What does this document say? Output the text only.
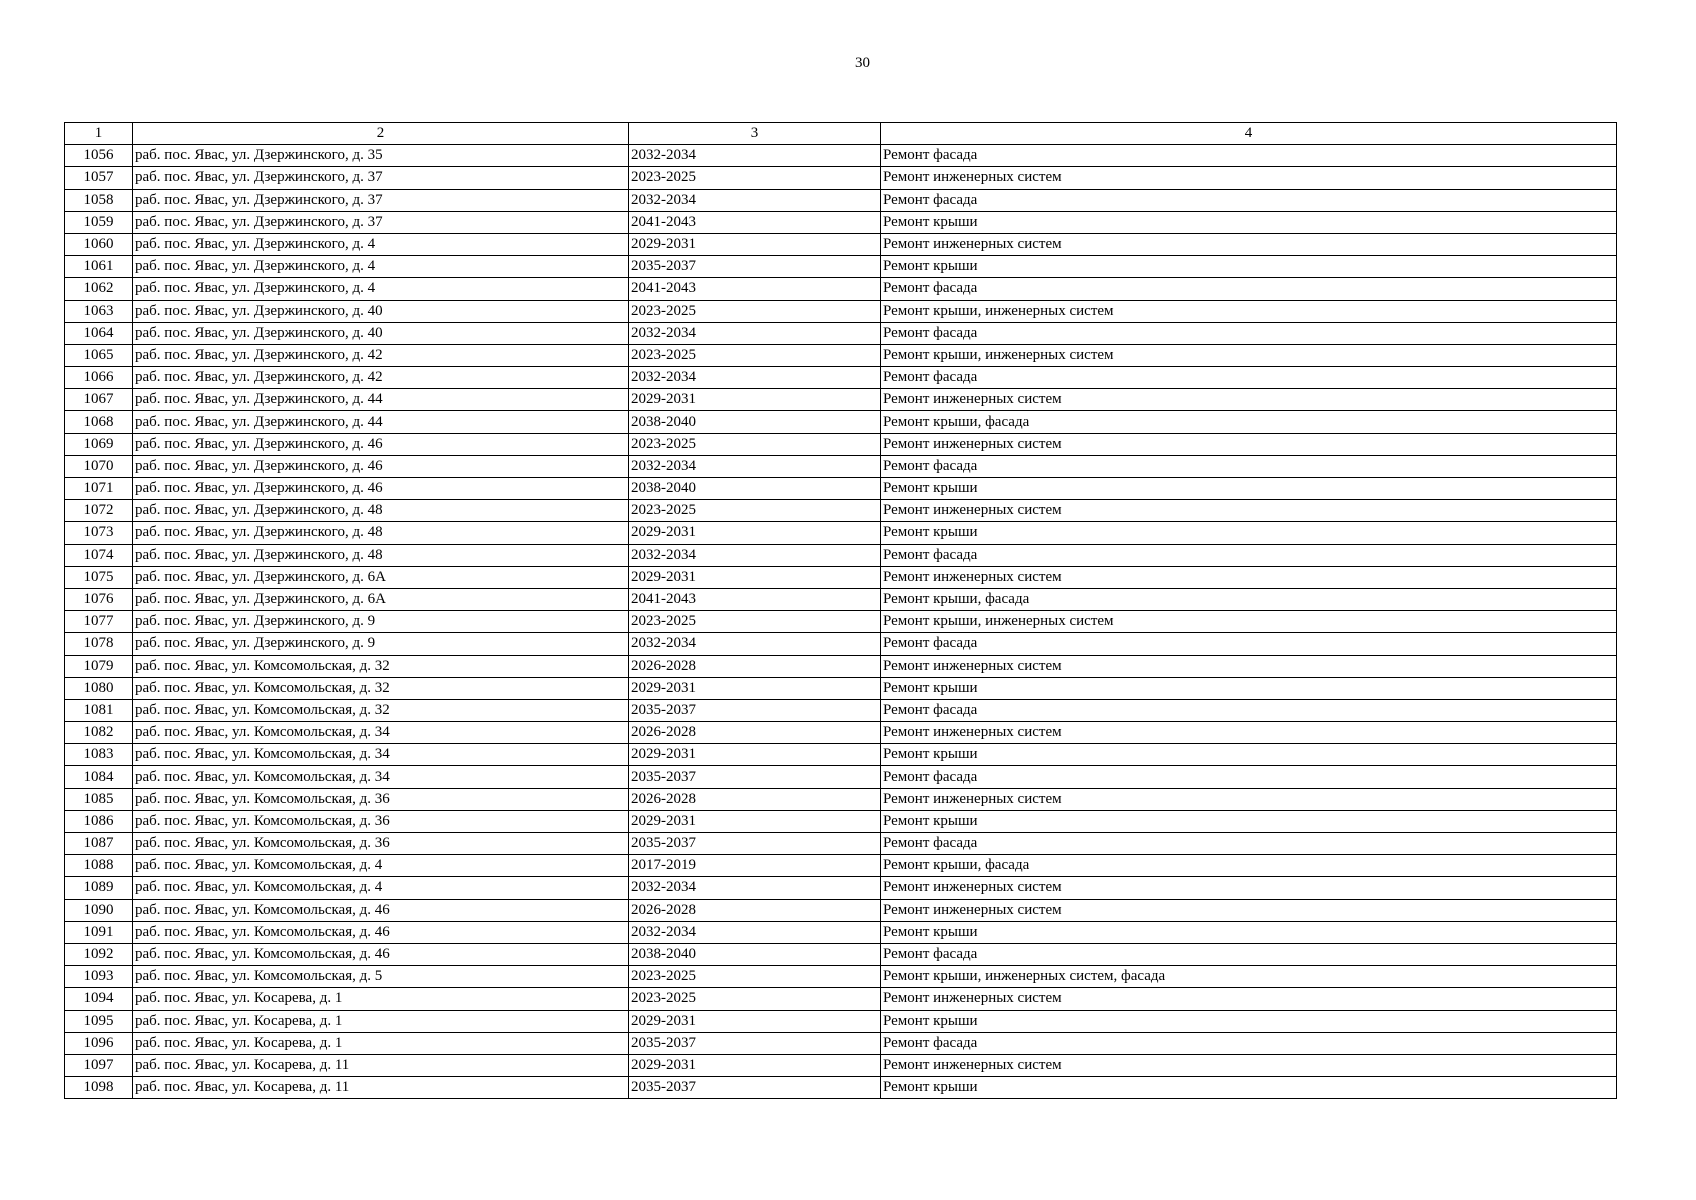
30
1	2	3	4
1056	раб. пос. Явас, ул. Дзержинского, д. 35	2032-2034	Ремонт фасада
1057	раб. пос. Явас, ул. Дзержинского, д. 37	2023-2025	Ремонт инженерных систем
1058	раб. пос. Явас, ул. Дзержинского, д. 37	2032-2034	Ремонт фасада
1059	раб. пос. Явас, ул. Дзержинского, д. 37	2041-2043	Ремонт крыши
1060	раб. пос. Явас, ул. Дзержинского, д. 4	2029-2031	Ремонт инженерных систем
1061	раб. пос. Явас, ул. Дзержинского, д. 4	2035-2037	Ремонт крыши
1062	раб. пос. Явас, ул. Дзержинского, д. 4	2041-2043	Ремонт фасада
1063	раб. пос. Явас, ул. Дзержинского, д. 40	2023-2025	Ремонт крыши, инженерных систем
1064	раб. пос. Явас, ул. Дзержинского, д. 40	2032-2034	Ремонт фасада
1065	раб. пос. Явас, ул. Дзержинского, д. 42	2023-2025	Ремонт крыши, инженерных систем
1066	раб. пос. Явас, ул. Дзержинского, д. 42	2032-2034	Ремонт фасада
1067	раб. пос. Явас, ул. Дзержинского, д. 44	2029-2031	Ремонт инженерных систем
1068	раб. пос. Явас, ул. Дзержинского, д. 44	2038-2040	Ремонт крыши, фасада
1069	раб. пос. Явас, ул. Дзержинского, д. 46	2023-2025	Ремонт инженерных систем
1070	раб. пос. Явас, ул. Дзержинского, д. 46	2032-2034	Ремонт фасада
1071	раб. пос. Явас, ул. Дзержинского, д. 46	2038-2040	Ремонт крыши
1072	раб. пос. Явас, ул. Дзержинского, д. 48	2023-2025	Ремонт инженерных систем
1073	раб. пос. Явас, ул. Дзержинского, д. 48	2029-2031	Ремонт крыши
1074	раб. пос. Явас, ул. Дзержинского, д. 48	2032-2034	Ремонт фасада
1075	раб. пос. Явас, ул. Дзержинского, д. 6А	2029-2031	Ремонт инженерных систем
1076	раб. пос. Явас, ул. Дзержинского, д. 6А	2041-2043	Ремонт крыши, фасада
1077	раб. пос. Явас, ул. Дзержинского, д. 9	2023-2025	Ремонт крыши, инженерных систем
1078	раб. пос. Явас, ул. Дзержинского, д. 9	2032-2034	Ремонт фасада
1079	раб. пос. Явас, ул. Комсомольская, д. 32	2026-2028	Ремонт инженерных систем
1080	раб. пос. Явас, ул. Комсомольская, д. 32	2029-2031	Ремонт крыши
1081	раб. пос. Явас, ул. Комсомольская, д. 32	2035-2037	Ремонт фасада
1082	раб. пос. Явас, ул. Комсомольская, д. 34	2026-2028	Ремонт инженерных систем
1083	раб. пос. Явас, ул. Комсомольская, д. 34	2029-2031	Ремонт крыши
1084	раб. пос. Явас, ул. Комсомольская, д. 34	2035-2037	Ремонт фасада
1085	раб. пос. Явас, ул. Комсомольская, д. 36	2026-2028	Ремонт инженерных систем
1086	раб. пос. Явас, ул. Комсомольская, д. 36	2029-2031	Ремонт крыши
1087	раб. пос. Явас, ул. Комсомольская, д. 36	2035-2037	Ремонт фасада
1088	раб. пос. Явас, ул. Комсомольская, д. 4	2017-2019	Ремонт крыши, фасада
1089	раб. пос. Явас, ул. Комсомольская, д. 4	2032-2034	Ремонт инженерных систем
1090	раб. пос. Явас, ул. Комсомольская, д. 46	2026-2028	Ремонт инженерных систем
1091	раб. пос. Явас, ул. Комсомольская, д. 46	2032-2034	Ремонт крыши
1092	раб. пос. Явас, ул. Комсомольская, д. 46	2038-2040	Ремонт фасада
1093	раб. пос. Явас, ул. Комсомольская, д. 5	2023-2025	Ремонт крыши, инженерных систем, фасада
1094	раб. пос. Явас, ул. Косарева, д. 1	2023-2025	Ремонт инженерных систем
1095	раб. пос. Явас, ул. Косарева, д. 1	2029-2031	Ремонт крыши
1096	раб. пос. Явас, ул. Косарева, д. 1	2035-2037	Ремонт фасада
1097	раб. пос. Явас, ул. Косарева, д. 11	2029-2031	Ремонт инженерных систем
1098	раб. пос. Явас, ул. Косарева, д. 11	2035-2037	Ремонт крыши
